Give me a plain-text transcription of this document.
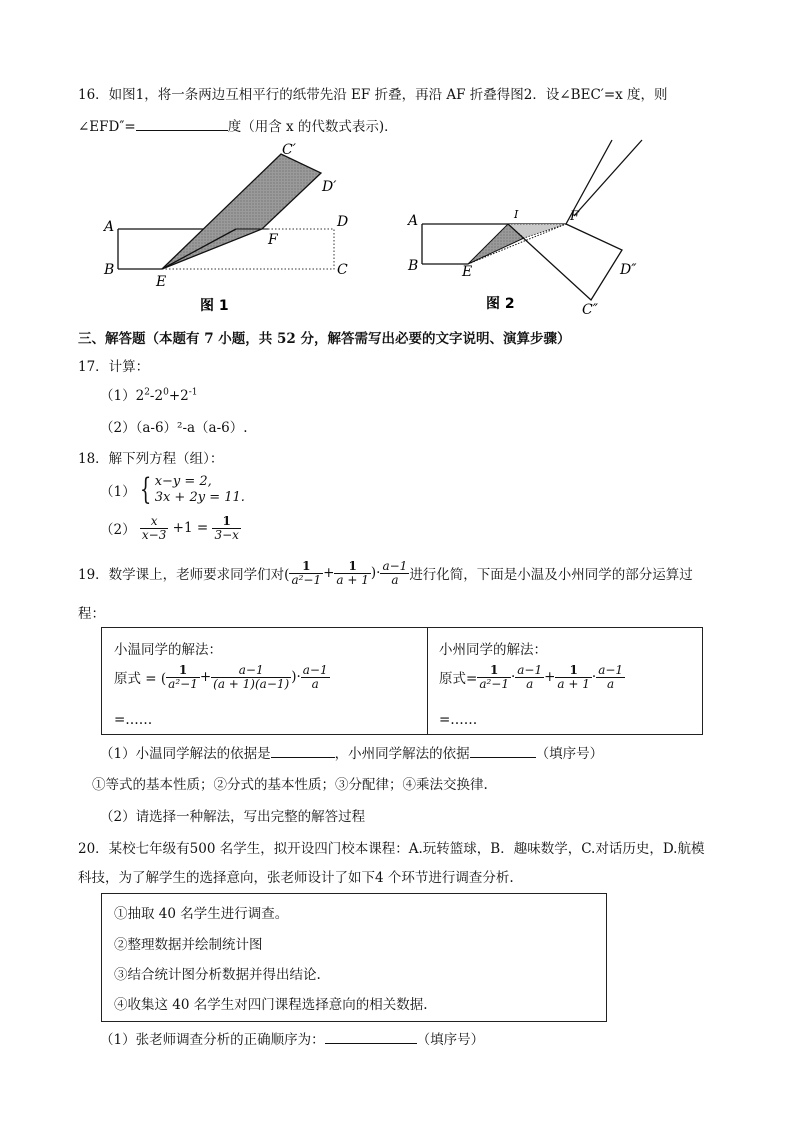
16．如图1，将一条两边互相平行的纸带先沿 EF 折叠，再沿 AF 折叠得图2．设∠BEC′=x 度，则
∠EFD″=	度（用含 x 的代数式表示)．
C′
D′
A	D
F
B
E
C
图 1
A
B	E
I	F
D″
C″
图 2
三、解答题（本题有 7 小题，共 52 分，解答需写出必要的文字说明、演算步骤）
17．计算：
$(1)2^2-2^0+2^{-1}$
（2）（a-6）²-a（a-6）.
18．解下列方程（组）：
（1） { x−y = 2,
3x + 2y = 11.
$(2) \frac{x}{x-3} +1 = \frac{1}{3-x}$
19．数学课上，老师要求同学们对( $\frac{1}{\text{a²−1}} + \frac{1}{a + 1}$ )· $\frac{a-1}{a}$ 进行化简，下面是小温及小州同学的部分运算过
程：
小温同学的解法：
原式 = ( $\frac{1}{\text{a²−1}} + \frac{a-1}{(a + 1)(a-1)}$ )· $\frac{a-1}{a}$
=……
小州同学的解法：
原式= $\frac{1}{\text{a²−1}} \cdot \frac{a-1}{a} + \frac{1}{a + 1} \cdot \frac{a-1}{a}$
=……
（1）小温同学解法的依据是	，小州同学解法的依据	（填序号）
①等式的基本性质；②分式的基本性质；③分配律；④乘法交换律.
（2）请选择一种解法，写出完整的解答过程
20．某校七年级有500 名学生，拟开设四门校本课程：A.玩转篮球，B．趣味数学，C.对话历史，D.航模
科技，为了解学生的选择意向，张老师设计了如下4 个环节进行调查分析.
①抽取 40 名学生进行调查。
②整理数据并绘制统计图
③结合统计图分析数据并得出结论.
④收集这 40 名学生对四门课程选择意向的相关数据.
（1）张老师调查分析的正确顺序为：	（填序号）
